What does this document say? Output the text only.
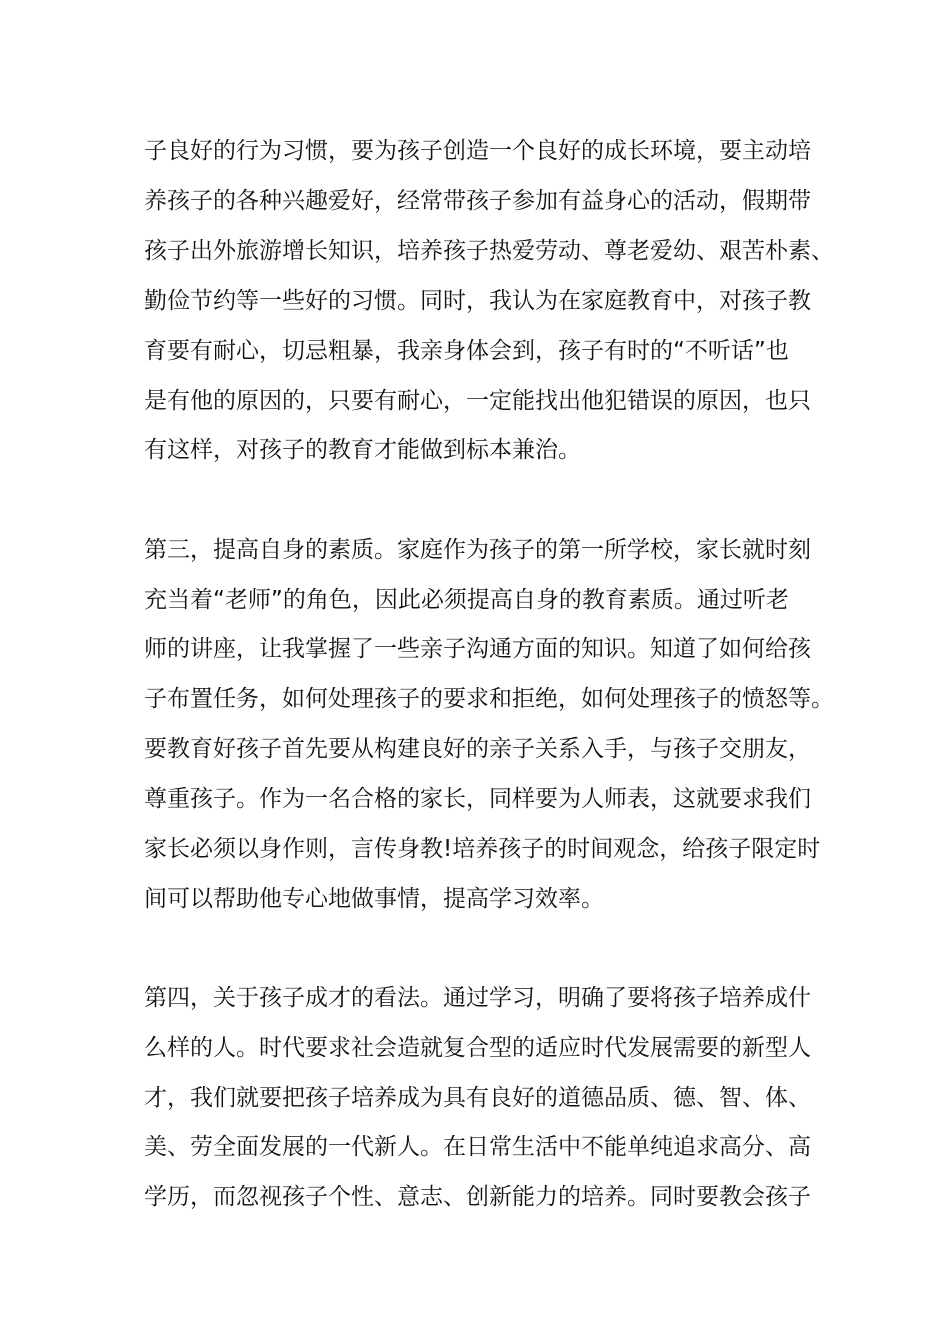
子良好的行为习惯，要为孩子创造一个良好的成长环境，要主动培
养孩子的各种兴趣爱好，经常带孩子参加有益身心的活动，假期带
孩子出外旅游增长知识，培养孩子热爱劳动、尊老爱幼、艰苦朴素、
勤俭节约等一些好的习惯。同时，我认为在家庭教育中，对孩子教
育要有耐心，切忌粗暴，我亲身体会到，孩子有时的“不听话”也
是有他的原因的，只要有耐心，一定能找出他犯错误的原因，也只
有这样，对孩子的教育才能做到标本兼治。
第三，提高自身的素质。家庭作为孩子的第一所学校，家长就时刻
充当着“老师”的角色，因此必须提高自身的教育素质。通过听老
师的讲座，让我掌握了一些亲子沟通方面的知识。知道了如何给孩
子布置任务，如何处理孩子的要求和拒绝，如何处理孩子的愤怒等。
要教育好孩子首先要从构建良好的亲子关系入手，与孩子交朋友，
尊重孩子。作为一名合格的家长，同样要为人师表，这就要求我们
家长必须以身作则，言传身教!培养孩子的时间观念，给孩子限定时
间可以帮助他专心地做事情，提高学习效率。
第四，关于孩子成才的看法。通过学习，明确了要将孩子培养成什
么样的人。时代要求社会造就复合型的适应时代发展需要的新型人
才，我们就要把孩子培养成为具有良好的道德品质、德、智、体、
美、劳全面发展的一代新人。在日常生活中不能单纯追求高分、高
学历，而忽视孩子个性、意志、创新能力的培养。同时要教会孩子
